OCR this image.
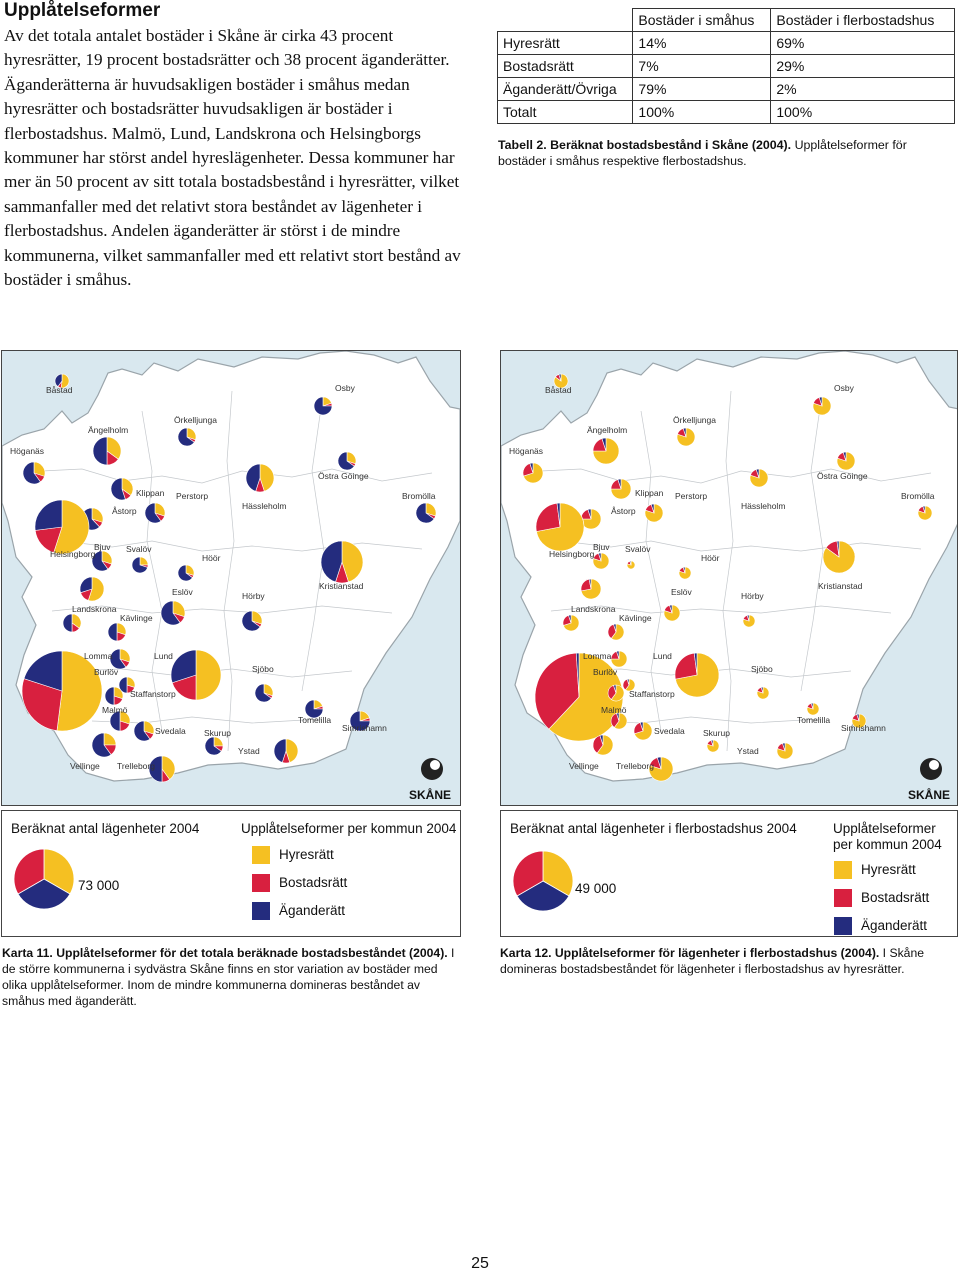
Upplåtelseformer

Av det totala antalet bostäder i Skåne är cirka 43 procent hyresrätter, 19 procent bostadsrätter och 38 procent äganderätter. Äganderätterna är huvudsakligen bostäder i småhus medan hyresrätter och bostadsrätter huvudsakligen är bostäder i flerbostadshus. Malmö, Lund, Landskrona och Helsingborgs kommuner har störst andel hyreslägenheter. Dessa kommuner har mer än 50 procent av sitt totala bostadsbestånd i hyresrätter, vilket sammanfaller med det relativt stora beståndet av lägenheter i flerbostadshus. Andelen äganderätter är störst i de mindre kommunerna, vilket sammanfaller med ett relativt stort bestånd av bostäder i småhus.

	Bostäder i småhus	Bostäder i flerbostadshus
Hyresrätt	14%	69%
Bostadsrätt	7%	29%
Äganderätt/Övriga	79%	2%
Totalt	100%	100%

Tabell 2. Beräknat bostadsbestånd i Skåne (2004). Upplåtelseformer för bostäder i småhus respektive flerbostadshus.

Båstad	Osby
Ängelholm
Örkelljunga
Höganäs
Östra Göinge
Klippan Perstorp
Åstorp	Hässleholm
Bromölla
Bjuv Svalöv
Helsingborg	Höör
Eslöv
Kristianstad
Hörby
Landskrona
Kävlinge
Lomma	Lund
Burlöv	Sjöbo
Staffanstorp
Malmö
Tomelilla
Svedala Skurup	Simrishamn
Ystad
Vellinge Trelleborg
SKÅNE
Båstad	Osby
Ängelholm
Örkelljunga
Höganäs
Östra Göinge
Klippan Perstorp
Åstorp	Hässleholm
Bromölla
Bjuv Svalöv
Helsingborg	Höör
Eslöv
Kristianstad
Hörby
Landskrona
Kävlinge
Lomma	Lund
Burlöv	Sjöbo
Staffanstorp
Malmö
Tomelilla
Svedala Skurup	Simrishamn
Ystad
Vellinge Trelleborg
SKÅNE

Beräknat antal lägenheter 2004

73 000

Upplåtelseformer per kommun 2004

Hyresrätt
Bostadsrätt
Äganderätt

Beräknat antal lägenheter i flerbostadshus 2004

49 000

Upplåtelseformer per kommun 2004

Hyresrätt
Bostadsrätt
Äganderätt

Karta 11. Upplåtelseformer för det totala beräknade bostadsbeståndet (2004). I de större kommunerna i sydvästra Skåne finns en stor variation av bostäder med olika upplåtelseformer. Inom de mindre kommunerna domineras beståndet av småhus med äganderätt.

Karta 12. Upplåtelseformer för lägenheter i flerbostadshus (2004). I Skåne domineras bostadsbeståndet för lägenheter i flerbostadshus av hyresrätter.

25
